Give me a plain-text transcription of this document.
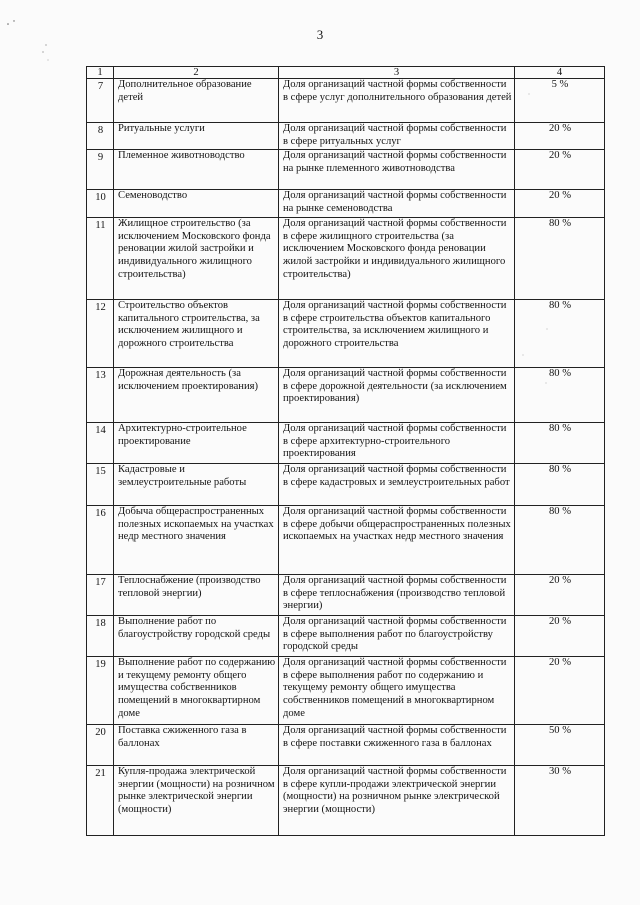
3
1	2	3	4
7	Дополнительное образование детей	Доля организаций частной формы собственности в сфере услуг дополнительного образования детей	5 %
8	Ритуальные услуги	Доля организаций частной формы собственности в сфере ритуальных услуг	20 %
9	Племенное животноводство	Доля организаций частной формы собственности на рынке племенного животноводства	20 %
10	Семеноводство	Доля организаций частной формы собственности на рынке семеноводства	20 %
11	Жилищное строительство (за исключением Московского фонда реновации жилой застройки и индивидуального жилищного строительства)	Доля организаций частной формы собственности в сфере жилищного строительства (за исключением Московского фонда реновации жилой застройки и индивидуального жилищного строительства)	80 %
12	Строительство объектов капитального строительства, за исключением жилищного и дорожного строительства	Доля организаций частной формы собственности в сфере строительства объектов капитального строительства, за исключением жилищного и дорожного строительства	80 %
13	Дорожная деятельность (за исключением проектирования)	Доля организаций частной формы собственности в сфере дорожной деятельности (за исключением проектирования)	80 %
14	Архитектурно-строительное проектирование	Доля организаций частной формы собственности в сфере архитектурно-строительного проектирования	80 %
15	Кадастровые и землеустроительные работы	Доля организаций частной формы собственности в сфере кадастровых и землеустроительных работ	80 %
16	Добыча общераспространенных полезных ископаемых на участках недр местного значения	Доля организаций частной формы собственности в сфере добычи общераспространенных полезных ископаемых на участках недр местного значения	80 %
17	Теплоснабжение (производство тепловой энергии)	Доля организаций частной формы собственности в сфере теплоснабжения (производство тепловой энергии)	20 %
18	Выполнение работ по благоустройству городской среды	Доля организаций частной формы собственности в сфере выполнения работ по благоустройству городской среды	20 %
19	Выполнение работ по содержанию и текущему ремонту общего имущества собственников помещений в многоквартирном доме	Доля организаций частной формы собственности в сфере выполнения работ по содержанию и текущему ремонту общего имущества собственников помещений в многоквартирном доме	20 %
20	Поставка сжиженного газа в баллонах	Доля организаций частной формы собственности в сфере поставки сжиженного газа в баллонах	50 %
21	Купля-продажа электрической энергии (мощности) на розничном рынке электрической энергии (мощности)	Доля организаций частной формы собственности в сфере купли-продажи электрической энергии (мощности) на розничном рынке электрической энергии (мощности)	30 %
